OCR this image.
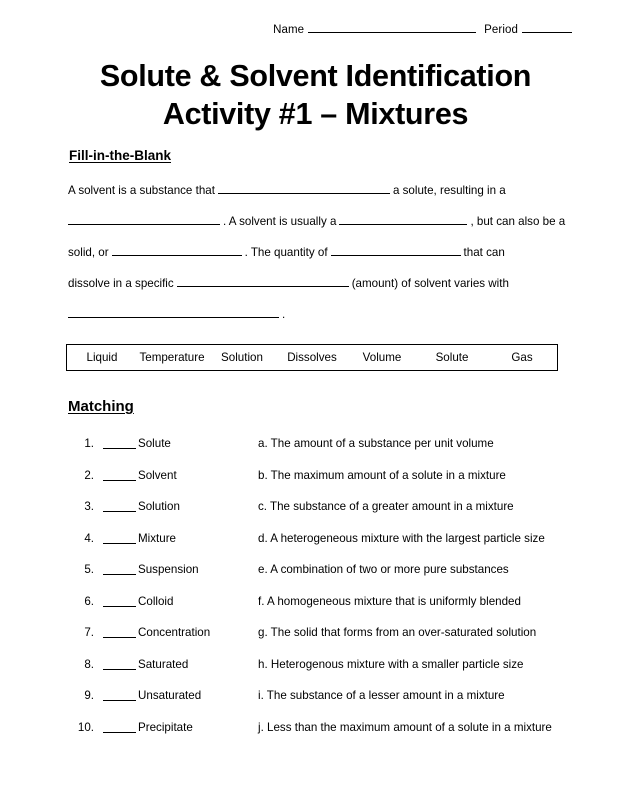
Name	Period
Solute & Solvent Identification
Activity #1 – Mixtures
Fill-in-the-Blank
A solvent is a substance that	a solute, resulting in a
. A solvent is usually a	, but can also be a
solid, or	. The quantity of	that can
dissolve in a specific	(amount) of solvent varies with
.
Liquid	Temperature	Solution	Dissolves	Volume	Solute	Gas
Matching
1.	Solute	a. The amount of a substance per unit volume
2.	Solvent	b. The maximum amount of a solute in a mixture
3.	Solution	c. The substance of a greater amount in a mixture
4.	Mixture	d. A heterogeneous mixture with the largest particle size
5.	Suspension	e. A combination of two or more pure substances
6.	Colloid	f. A homogeneous mixture that is uniformly blended
7.	Concentration	g. The solid that forms from an over-saturated solution
8.	Saturated	h. Heterogenous mixture with a smaller particle size
9.	Unsaturated	i. The substance of a lesser amount in a mixture
10.	Precipitate	j. Less than the maximum amount of a solute in a mixture
